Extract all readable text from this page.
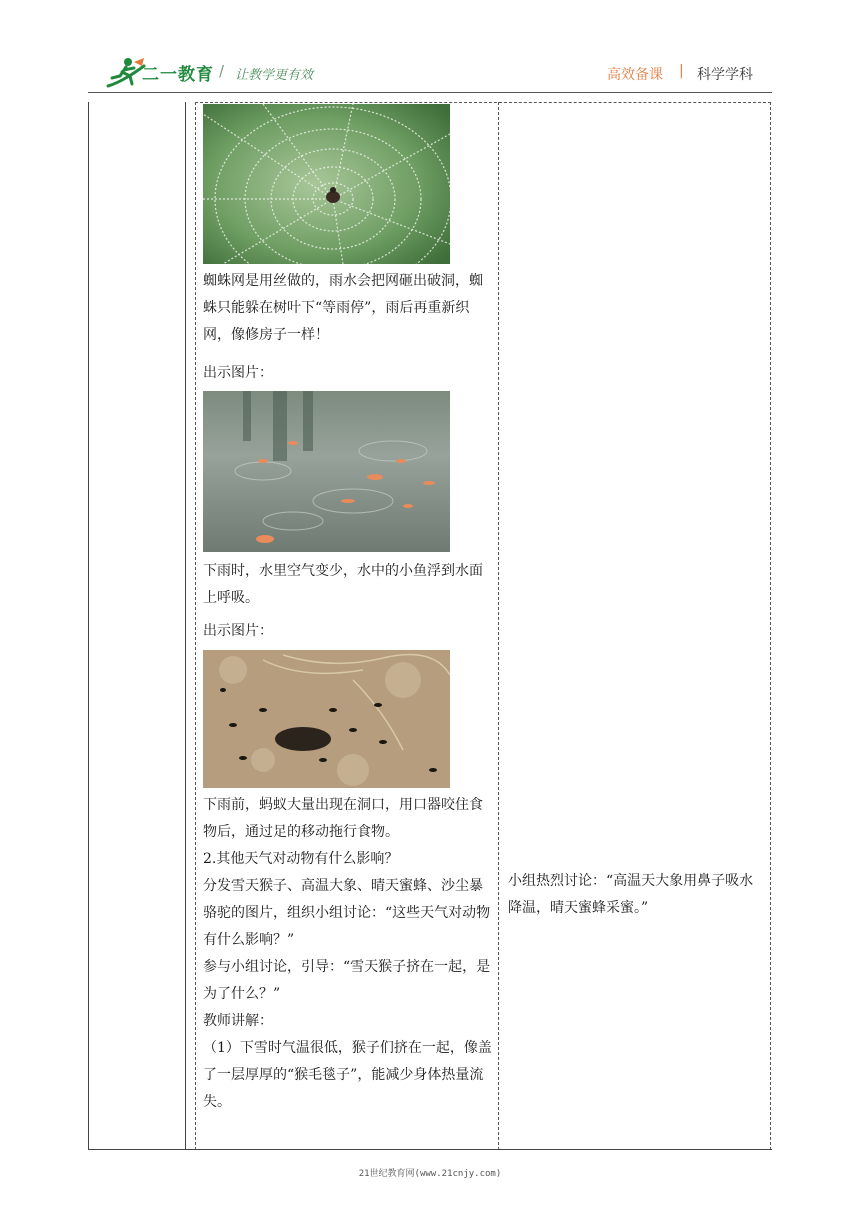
二一教育 / 让教学更有效	高效备课 | 科学学科

蜘蛛网是用丝做的，雨水会把网砸出破洞，蜘蛛只能躲在树叶下“等雨停”，雨后再重新织网，像修房子一样！

出示图片：

下雨时，水里空气变少，水中的小鱼浮到水面上呼吸。

出示图片：

下雨前，蚂蚁大量出现在洞口，用口器咬住食物后，通过足的移动拖行食物。

2.其他天气对动物有什么影响？

分发雪天猴子、高温大象、晴天蜜蜂、沙尘暴骆驼的图片，组织小组讨论：“这些天气对动物有什么影响？”

参与小组讨论，引导：“雪天猴子挤在一起，是为了什么？”

教师讲解：

（1）下雪时气温很低，猴子们挤在一起，像盖了一层厚厚的“猴毛毯子”，能减少身体热量流失。

小组热烈讨论：“高温天大象用鼻子吸水降温，晴天蜜蜂采蜜。”

21世纪教育网(www.21cnjy.com)
